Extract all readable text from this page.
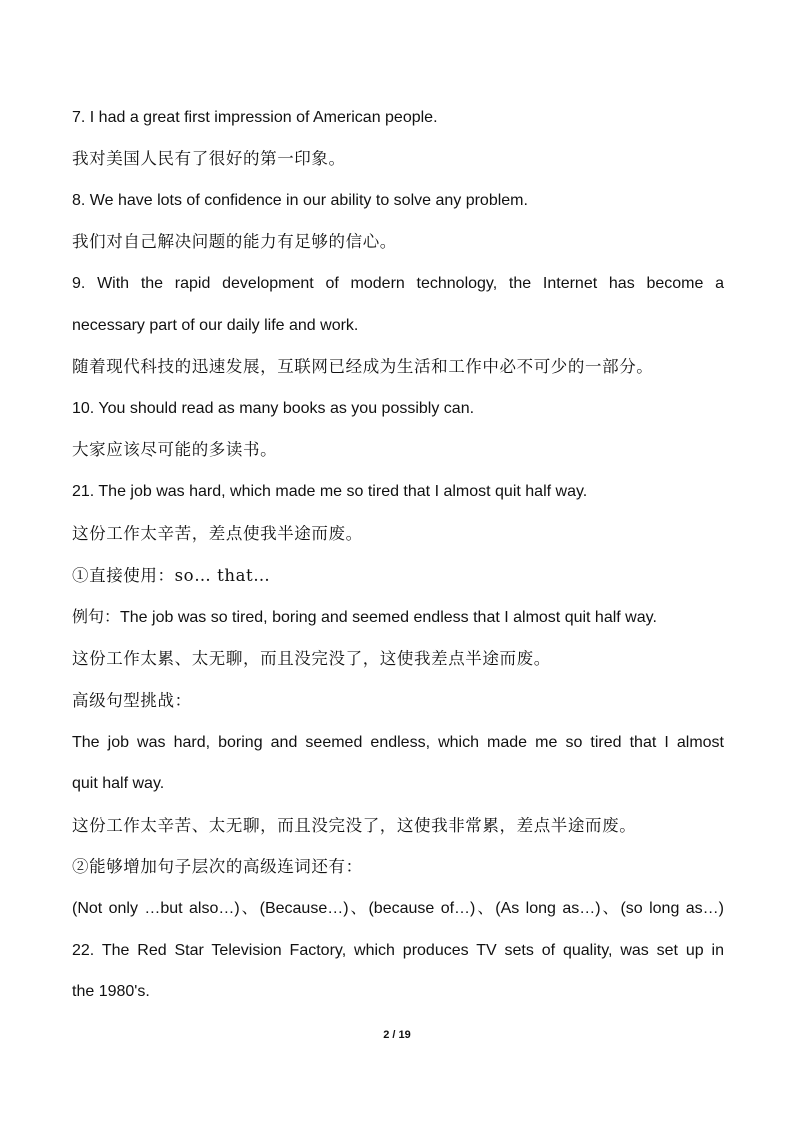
7. I had a great first impression of American people.
我对美国人民有了很好的第一印象。
8. We have lots of confidence in our ability to solve any problem.
我们对自己解决问题的能力有足够的信心。
9. With the rapid development of modern technology, the Internet has become a
necessary part of our daily life and work.
随着现代科技的迅速发展，互联网已经成为生活和工作中必不可少的一部分。
10. You should read as many books as you possibly can.
大家应该尽可能的多读书。
21. The job was hard, which made me so tired that I almost quit half way.
这份工作太辛苦，差点使我半途而废。
①直接使用：so… that…
例句：The job was so tired, boring and seemed endless that I almost quit half way.
这份工作太累、太无聊，而且没完没了，这使我差点半途而废。
高级句型挑战：
The job was hard, boring and seemed endless, which made me so tired that I almost
quit half way.
这份工作太辛苦、太无聊，而且没完没了，这使我非常累，差点半途而废。
②能够增加句子层次的高级连词还有：
(Not only …but also…)、(Because…)、(because of…)、(As long as…)、(so long as…)
22. The Red Star Television Factory, which produces TV sets of quality, was set up in
the 1980's.
2 / 19
